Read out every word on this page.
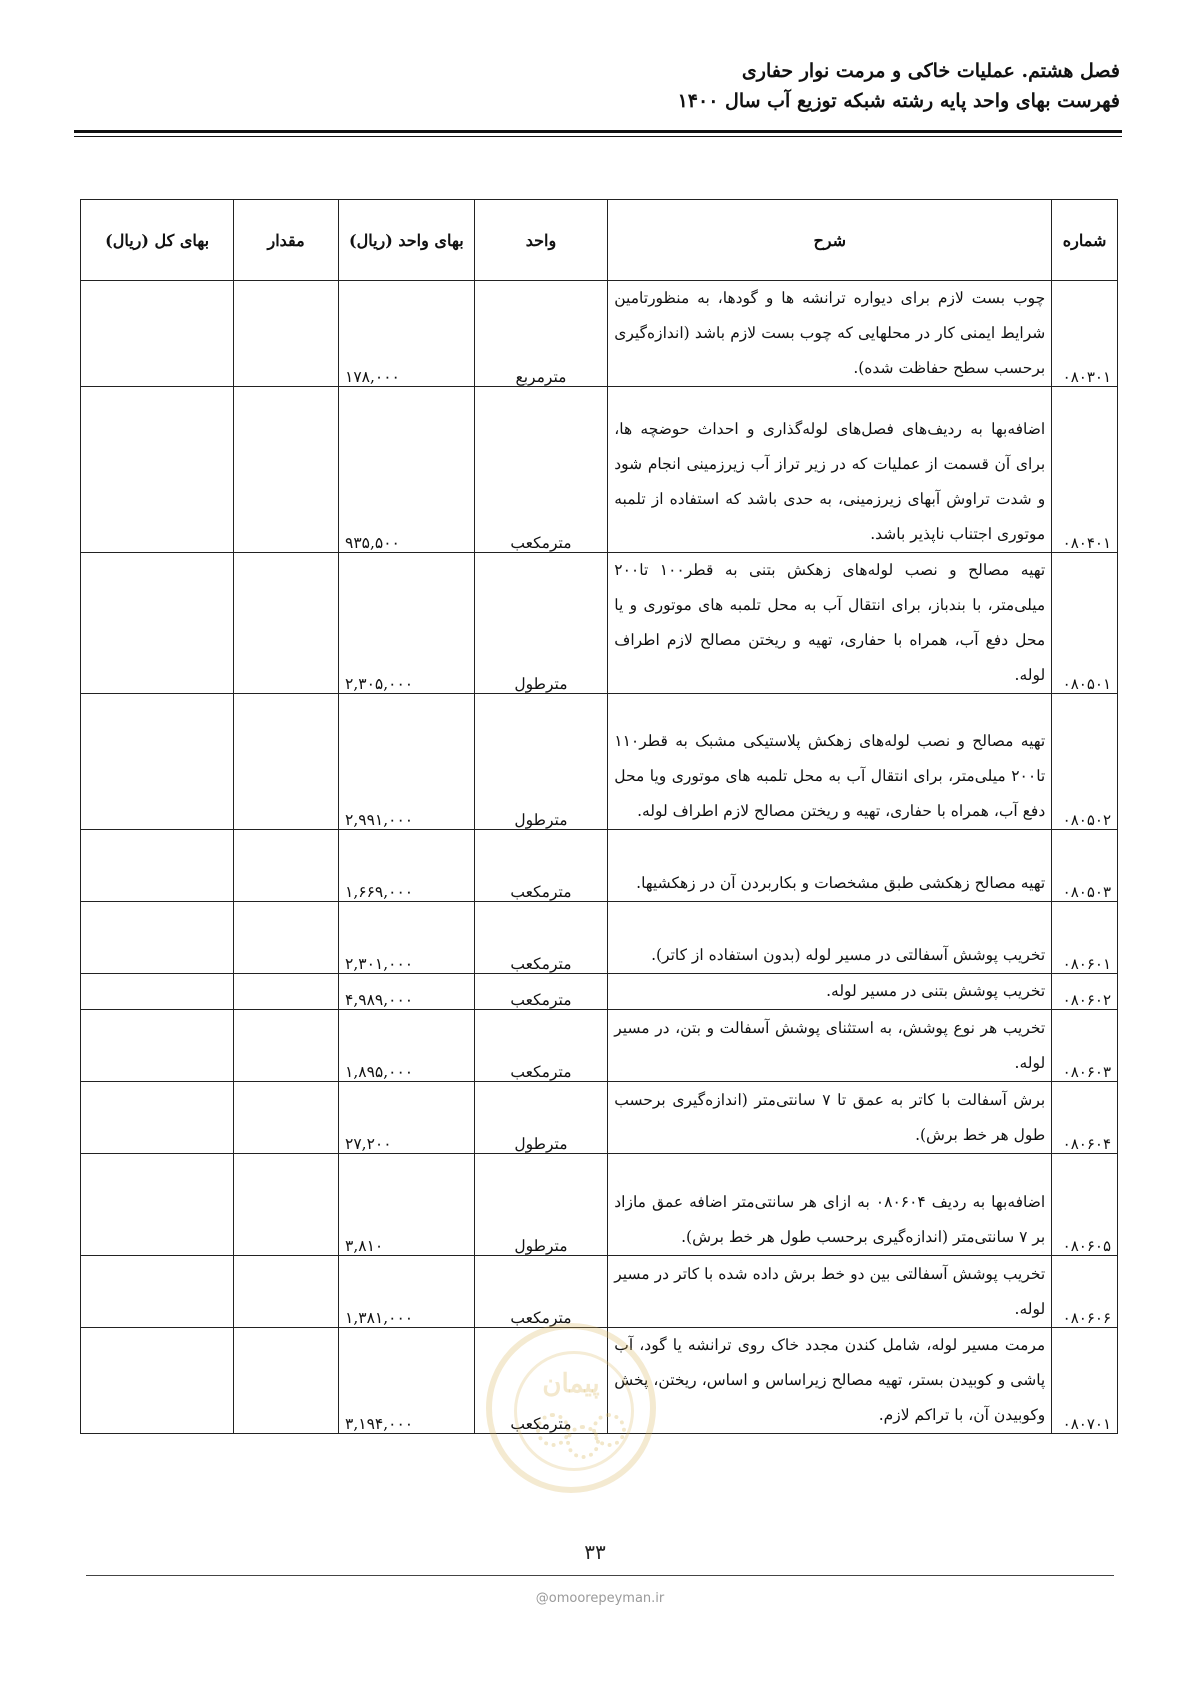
فصل هشتم. عملیات خاکی و مرمت نوار حفاری
فهرست بهای واحد پایه رشته شبکه توزیع آب سال ۱۴۰۰
شماره	شرح	واحد	بهای واحد (ریال)	مقدار	بهای کل (ریال)
۰۸۰۳۰۱	چوب بست لازم برای دیواره ترانشه ها و گودها، به منظورتامین شرایط ایمنی کار در محلهایی که چوب بست لازم باشد (اندازه‌گیری برحسب سطح حفاظت شده).	مترمربع	۱۷۸,۰۰۰		
۰۸۰۴۰۱	اضافه‌بها به ردیف‌های فصل‌های لوله‌گذاری و احداث حوضچه ها، برای آن قسمت از عملیات که در زیر تراز آب زیرزمینی انجام شود و شدت تراوش آبهای زیرزمینی، به حدی باشد که استفاده از تلمبه موتوری اجتناب ناپذیر باشد.	مترمکعب	۹۳۵,۵۰۰		
۰۸۰۵۰۱	تهیه مصالح و نصب لوله‌های زهکش بتنی به قطر۱۰۰ تا۲۰۰ میلی‌متر، با بندباز، برای انتقال آب به محل تلمبه های موتوری و یا محل دفع آب، همراه با حفاری، تهیه و ریختن مصالح لازم اطراف لوله.	مترطول	۲,۳۰۵,۰۰۰		
۰۸۰۵۰۲	تهیه مصالح و نصب لوله‌های زهکش پلاستیکی مشبک به قطر۱۱۰ تا۲۰۰ میلی‌متر، برای انتقال آب به محل تلمبه های موتوری ویا محل دفع آب، همراه با حفاری، تهیه و ریختن مصالح لازم اطراف لوله.	مترطول	۲,۹۹۱,۰۰۰		
۰۸۰۵۰۳	تهیه مصالح زهکشی طبق مشخصات و بکاربردن آن در زهکشیها.	مترمکعب	۱,۶۶۹,۰۰۰		
۰۸۰۶۰۱	تخریب پوشش آسفالتی در مسیر لوله (بدون استفاده از کاتر).	مترمکعب	۲,۳۰۱,۰۰۰		
۰۸۰۶۰۲	تخریب پوشش بتنی در مسیر لوله.	مترمکعب	۴,۹۸۹,۰۰۰		
۰۸۰۶۰۳	تخریب هر نوع پوشش، به استثنای پوشش آسفالت و بتن، در مسیر لوله.	مترمکعب	۱,۸۹۵,۰۰۰		
۰۸۰۶۰۴	برش آسفالت با کاتر به عمق تا ۷ سانتی‌متر (اندازه‌گیری برحسب طول هر خط برش).	مترطول	۲۷,۲۰۰		
۰۸۰۶۰۵	اضافه‌بها به ردیف ۰۸۰۶۰۴ به ازای هر سانتی‌متر اضافه عمق مازاد بر ۷ سانتی‌متر (اندازه‌گیری برحسب طول هر خط برش).	مترطول	۳,۸۱۰		
۰۸۰۶۰۶	تخریب پوشش آسفالتی بین دو خط برش داده شده با کاتر در مسیر لوله.	مترمکعب	۱,۳۸۱,۰۰۰		
۰۸۰۷۰۱	مرمت مسیر لوله، شامل کندن مجدد خاک روی ترانشه یا گود، آب پاشی و کوبیدن بستر، تهیه مصالح زیراساس و اساس، ریختن، پخش وکوبیدن آن، با تراکم لازم.	مترمکعب	۳,۱۹۴,۰۰۰		
پیمان
۳۳
@omoorepeyman.ir
